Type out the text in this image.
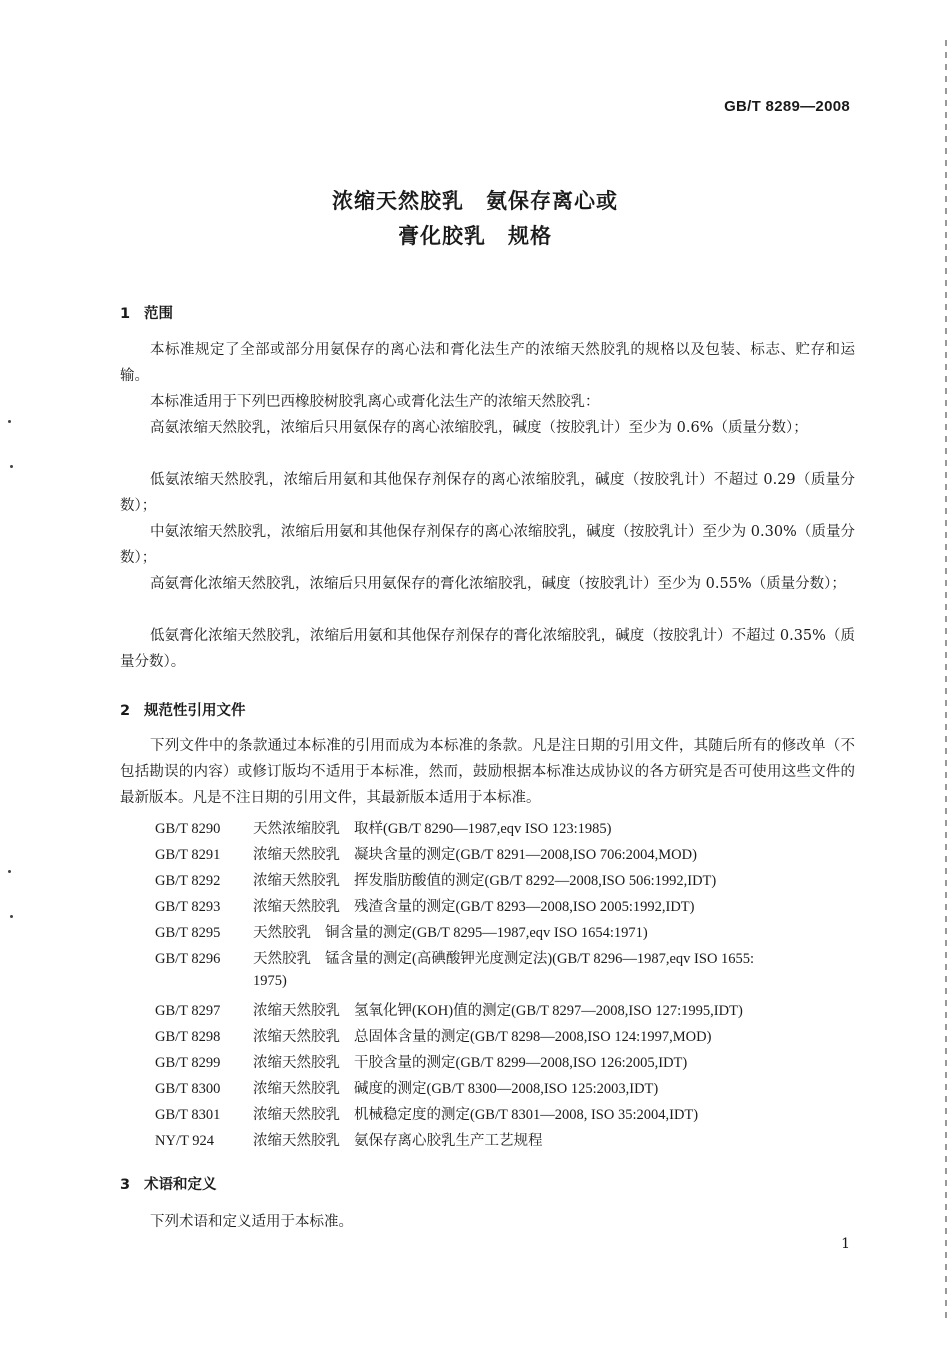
GB/T 8289—2008
浓缩天然胶乳 氨保存离心或
膏化胶乳 规格
1 范围

本标准规定了全部或部分用氨保存的离心法和膏化法生产的浓缩天然胶乳的规格以及包装、标志、贮存和运输。

本标准适用于下列巴西橡胶树胶乳离心或膏化法生产的浓缩天然胶乳：

高氨浓缩天然胶乳，浓缩后只用氨保存的离心浓缩胶乳，碱度（按胶乳计）至少为 0.6%（质量分数）；

低氨浓缩天然胶乳，浓缩后用氨和其他保存剂保存的离心浓缩胶乳，碱度（按胶乳计）不超过 0.29（质量分数）；

中氨浓缩天然胶乳，浓缩后用氨和其他保存剂保存的离心浓缩胶乳，碱度（按胶乳计）至少为 0.30%（质量分数）；

高氨膏化浓缩天然胶乳，浓缩后只用氨保存的膏化浓缩胶乳，碱度（按胶乳计）至少为 0.55%（质量分数）；

低氨膏化浓缩天然胶乳，浓缩后用氨和其他保存剂保存的膏化浓缩胶乳，碱度（按胶乳计）不超过 0.35%（质量分数）。

2 规范性引用文件

下列文件中的条款通过本标准的引用而成为本标准的条款。凡是注日期的引用文件，其随后所有的修改单（不包括勘误的内容）或修订版均不适用于本标准，然而，鼓励根据本标准达成协议的各方研究是否可使用这些文件的最新版本。凡是不注日期的引用文件，其最新版本适用于本标准。

GB/T 8290 天然浓缩胶乳 取样(GB/T 8290—1987,eqv ISO 123:1985)
GB/T 8291 浓缩天然胶乳 凝块含量的测定(GB/T 8291—2008,ISO 706:2004,MOD)
GB/T 8292 浓缩天然胶乳 挥发脂肪酸值的测定(GB/T 8292—2008,ISO 506:1992,IDT)
GB/T 8293 浓缩天然胶乳 残渣含量的测定(GB/T 8293—2008,ISO 2005:1992,IDT)
GB/T 8295 天然胶乳 铜含量的测定(GB/T 8295—1987,eqv ISO 1654:1971)
GB/T 8296 天然胶乳 锰含量的测定(高碘酸钾光度测定法)(GB/T 8296—1987,eqv ISO 1655:
1975)
GB/T 8297 浓缩天然胶乳 氢氧化钾(KOH)值的测定(GB/T 8297—2008,ISO 127:1995,IDT)
GB/T 8298 浓缩天然胶乳 总固体含量的测定(GB/T 8298—2008,ISO 124:1997,MOD)
GB/T 8299 浓缩天然胶乳 干胶含量的测定(GB/T 8299—2008,ISO 126:2005,IDT)
GB/T 8300 浓缩天然胶乳 碱度的测定(GB/T 8300—2008,ISO 125:2003,IDT)
GB/T 8301 浓缩天然胶乳 机械稳定度的测定(GB/T 8301—2008, ISO 35:2004,IDT)
NY/T 924	浓缩天然胶乳 氨保存离心胶乳生产工艺规程
3 术语和定义

下列术语和定义适用于本标准。

1
